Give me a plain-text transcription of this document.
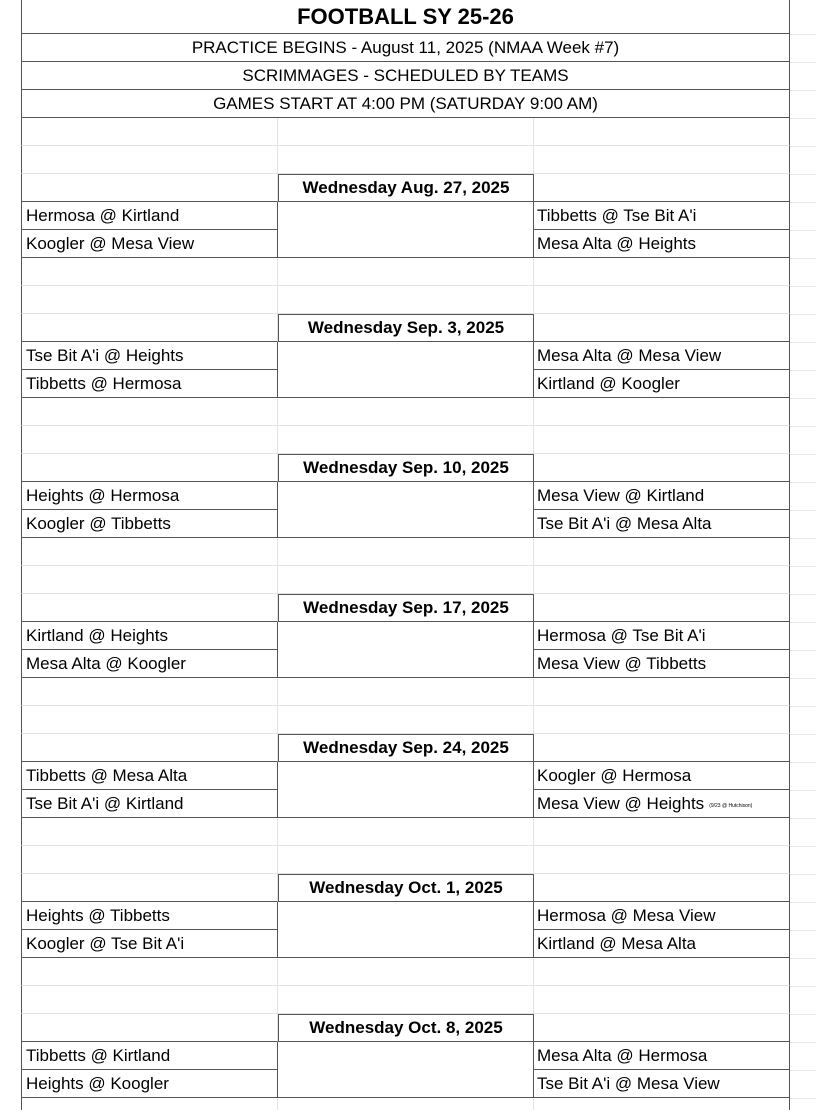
FOOTBALL SY 25-26
PRACTICE BEGINS - August 11, 2025 (NMAA Week #7)
SCRIMMAGES - SCHEDULED BY TEAMS
GAMES START AT 4:00 PM (SATURDAY 9:00 AM)
Wednesday Aug. 27, 2025
Hermosa @ Kirtland	Tibbetts @ Tse Bit A'i
Koogler @ Mesa View	Mesa Alta @ Heights
Wednesday Sep. 3, 2025
Tse Bit A'i @ Heights	Mesa Alta @ Mesa View
Tibbetts @ Hermosa	Kirtland @ Koogler
Wednesday Sep. 10, 2025
Heights @ Hermosa	Mesa View @ Kirtland
Koogler @ Tibbetts	Tse Bit A'i @ Mesa Alta
Wednesday Sep. 17, 2025
Kirtland @ Heights	Hermosa @ Tse Bit A'i
Mesa Alta @ Koogler	Mesa View @ Tibbetts
Wednesday Sep. 24, 2025
Tibbetts @ Mesa Alta	Koogler @ Hermosa
Tse Bit A'i @ Kirtland	Mesa View @ Heights (9/23 @ Hutchison)
Wednesday Oct. 1, 2025
Heights @ Tibbetts	Hermosa @ Mesa View
Koogler @ Tse Bit A'i	Kirtland @ Mesa Alta
Wednesday Oct. 8, 2025
Tibbetts @ Kirtland	Mesa Alta @ Hermosa
Heights @ Koogler	Tse Bit A'i @ Mesa View
